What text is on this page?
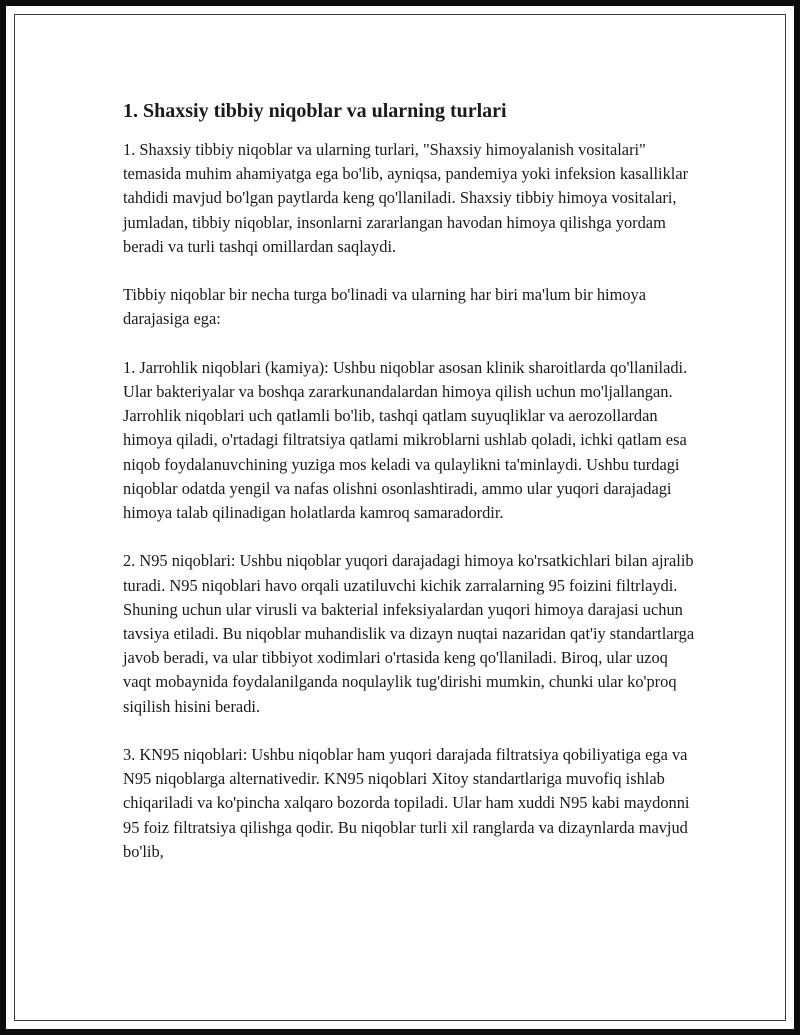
1. Shaxsiy tibbiy niqoblar va ularning turlari

1. Shaxsiy tibbiy niqoblar va ularning turlari, "Shaxsiy himoyalanish vositalari" temasida muhim ahamiyatga ega bo'lib, ayniqsa, pandemiya yoki infeksion kasalliklar tahdidi mavjud bo'lgan paytlarda keng qo'llaniladi. Shaxsiy tibbiy himoya vositalari, jumladan, tibbiy niqoblar, insonlarni zararlangan havodan himoya qilishga yordam beradi va turli tashqi omillardan saqlaydi.

Tibbiy niqoblar bir necha turga bo'linadi va ularning har biri ma'lum bir himoya darajasiga ega:

1. Jarrohlik niqoblari (kamiya): Ushbu niqoblar asosan klinik sharoitlarda qo'llaniladi. Ular bakteriyalar va boshqa zararkunandalardan himoya qilish uchun mo'ljallangan. Jarrohlik niqoblari uch qatlamli bo'lib, tashqi qatlam suyuqliklar va aerozollardan himoya qiladi, o'rtadagi filtratsiya qatlami mikroblarni ushlab qoladi, ichki qatlam esa niqob foydalanuvchining yuziga mos keladi va qulaylikni ta'minlaydi. Ushbu turdagi niqoblar odatda yengil va nafas olishni osonlashtiradi, ammo ular yuqori darajadagi himoya talab qilinadigan holatlarda kamroq samaradordir.

2. N95 niqoblari: Ushbu niqoblar yuqori darajadagi himoya ko'rsatkichlari bilan ajralib turadi. N95 niqoblari havo orqali uzatiluvchi kichik zarralarning 95 foizini filtrlaydi. Shuning uchun ular virusli va bakterial infeksiyalardan yuqori himoya darajasi uchun tavsiya etiladi. Bu niqoblar muhandislik va dizayn nuqtai nazaridan qat'iy standartlarga javob beradi, va ular tibbiyot xodimlari o'rtasida keng qo'llaniladi. Biroq, ular uzoq vaqt mobaynida foydalanilganda noqulaylik tug'dirishi mumkin, chunki ular ko'proq siqilish hisini beradi.

3. KN95 niqoblari: Ushbu niqoblar ham yuqori darajada filtratsiya qobiliyatiga ega va N95 niqoblarga alternativedir. KN95 niqoblari Xitoy standartlariga muvofiq ishlab chiqariladi va ko'pincha xalqaro bozorda topiladi. Ular ham xuddi N95 kabi maydonni 95 foiz filtratsiya qilishga qodir. Bu niqoblar turli xil ranglarda va dizaynlarda mavjud bo'lib,
